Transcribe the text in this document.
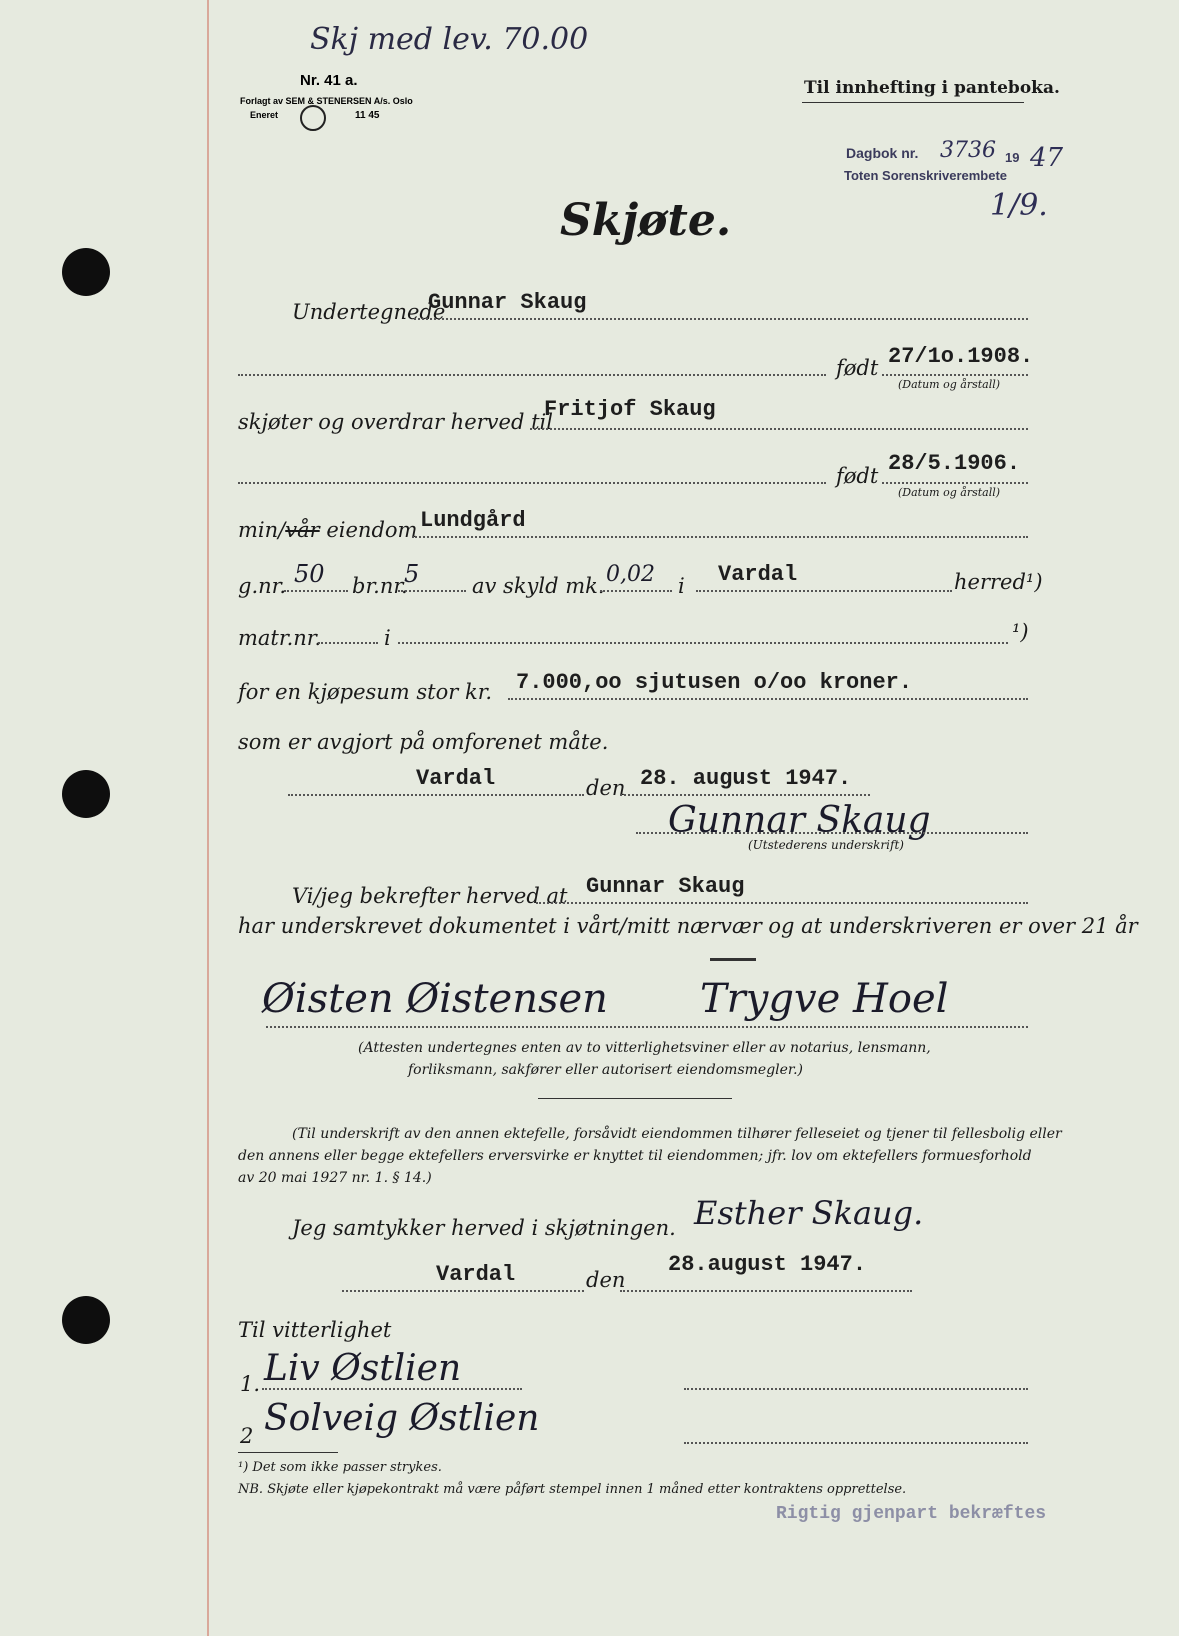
Skj med lev. 70.00
Nr. 41 a.
Forlagt av SEM & STENERSEN A/s. Oslo
Eneret	11 45
Til innhefting i panteboka.
Dagbok nr. 3736 19 47
Toten Sorenskriverembete
1/9.
Skjøte.
Undertegnede
Gunnar Skaug
født 27/1o.1908.
(Datum og årstall)
skjøter og overdrar herved til
Fritjof Skaug
født 28/5.1906.
(Datum og årstall)
min/vår eiendom Lundgård
g.nr. 50 br.nr.
5	av skyld mk. 0,02 i Vardal	herred¹)
matr.nr.	i	¹)
for en kjøpesum stor kr. 7.000,oo sjutusen o/oo kroner.
som er avgjort på omforenet måte.
Vardal	den 28. august 1947.
Gunnar Skaug
(Utstederens underskrift)
Vi/jeg bekrefter herved at Gunnar Skaug
har underskrevet dokumentet i vårt/mitt nærvær og at underskriveren er over 21 år
Øisten Øistensen Trygve Hoel
(Attesten undertegnes enten av to vitterlighetsviner eller av notarius, lensmann,
forliksmann, sakfører eller autorisert eiendomsmegler.)
(Til underskrift av den annen ektefelle, forsåvidt eiendommen tilhører felleseiet og tjener til fellesbolig eller
den annens eller begge ektefellers erversvirke er knyttet til eiendommen; jfr. lov om ektefellers formuesforhold
av 20 mai 1927 nr. 1. § 14.)
Jeg samtykker herved i skjøtningen. Esther Skaug.
Vardal	den
28.august 1947.
Til vitterlighet
1. Liv Østlien
2 Solveig Østlien
¹) Det som ikke passer strykes.
NB. Skjøte eller kjøpekontrakt må være påført stempel innen 1 måned etter kontraktens opprettelse.
Rigtig gjenpart bekræftes
